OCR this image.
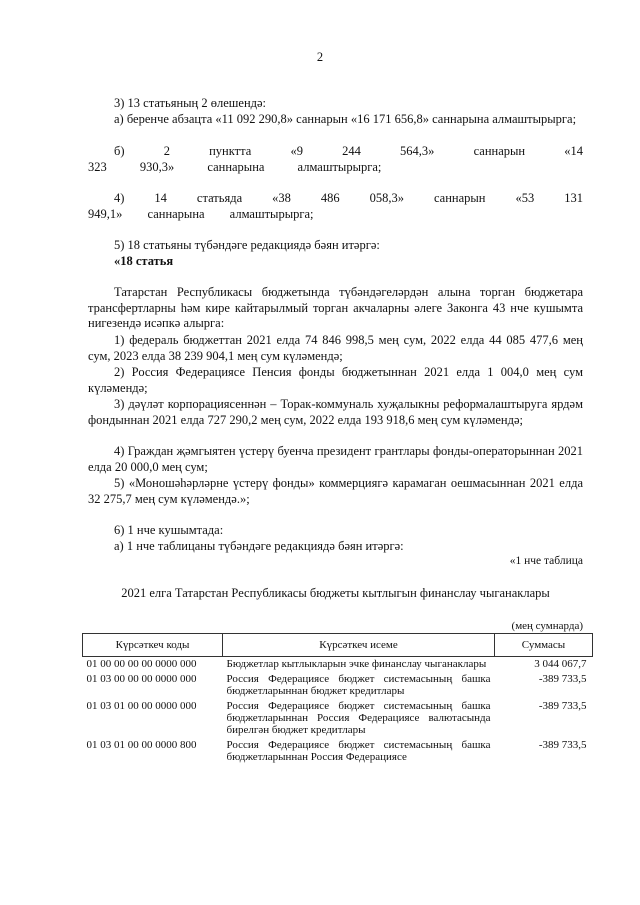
2
3) 13 статьяның 2 өлешендә:
а) беренче абзацта «11 092 290,8» саннарын «16 171 656,8» саннарына алмаштырырга;
б) 2 пунктта «9 244 564,3» саннарын «14 323 930,3» саннарына алмаштырырга;
4) 14 статьяда «38 486 058,3» саннарын «53 131 949,1» саннарына алмаштырырга;
5) 18 статьяны түбәндәге редакциядә бәян итәргә:
«18 статья
Татарстан Республикасы бюджетында түбәндәгеләрдән алына торган бюджетара трансфертларны һәм кире кайтарылмый торган акчаларны әлеге Законга 43 нче кушымта нигезендә исәпкә алырга:
1) федераль бюджеттан 2021 елда 74 846 998,5 мең сум, 2022 елда 44 085 477,6 мең сум, 2023 елда 38 239 904,1 мең сум күләмендә;
2) Россия Федерациясе Пенсия фонды бюджетыннан 2021 елда 1 004,0 мең сум күләмендә;
3) дәүләт корпорациясеннән – Торак-коммуналь хуҗалыкны реформалаштыруга ярдәм фондыннан 2021 елда 727 290,2 мең сум, 2022 елда 193 918,6 мең сум күләмендә;
4) Граждан җәмгыятен үстерү буенча президент грантлары фонды-операторыннан 2021 елда 20 000,0 мең сум;
5) «Моношәһәрләрне үстерү фонды» коммерциягә карамаган оешмасыннан 2021 елда 32 275,7 мең сум күләмендә.»;
6) 1 нче кушымтада:
а) 1 нче таблицаны түбәндәге редакциядә бәян итәргә:
«1 нче таблица
2021 елга Татарстан Республикасы бюджеты кытлыгын финанслау чыганаклары
(мең сумнарда)
Күрсәткеч коды	Күрсәткеч исеме	Суммасы
01 00 00 00 00 0000 000	Бюджетлар кытлыкларын эчке финанслау чыганаклары	3 044 067,7
01 03 00 00 00 0000 000	Россия Федерациясе бюджет системасының башка бюджетларыннан бюджет кредитлары	-389 733,5
01 03 01 00 00 0000 000	Россия Федерациясе бюджет системасының башка бюджетларыннан Россия Федерациясе валютасында бирелгән бюджет кредитлары	-389 733,5
01 03 01 00 00 0000 800	Россия Федерациясе бюджет системасының башка бюджетларыннан Россия Федерациясе	-389 733,5
